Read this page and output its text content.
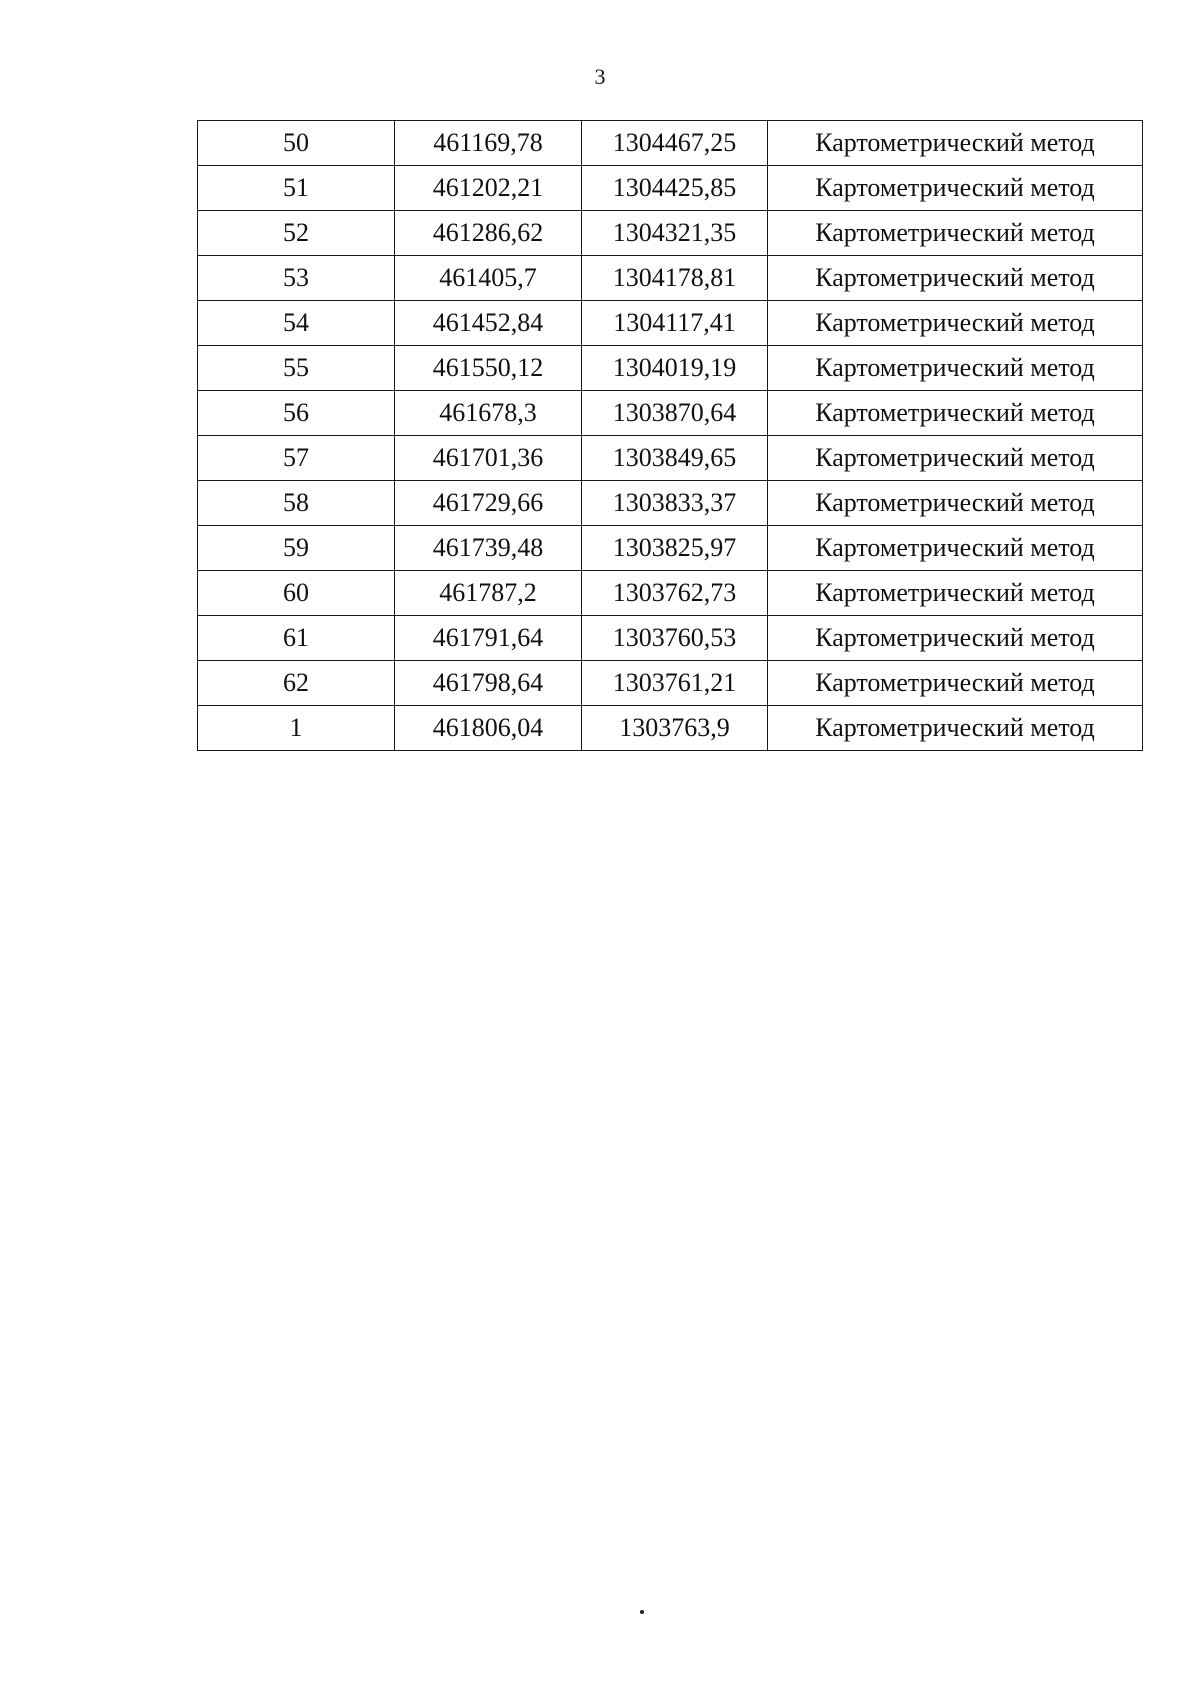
3
50	461169,78	1304467,25	Картометрический метод
51	461202,21	1304425,85	Картометрический метод
52	461286,62	1304321,35	Картометрический метод
53	461405,7	1304178,81	Картометрический метод
54	461452,84	1304117,41	Картометрический метод
55	461550,12	1304019,19	Картометрический метод
56	461678,3	1303870,64	Картометрический метод
57	461701,36	1303849,65	Картометрический метод
58	461729,66	1303833,37	Картометрический метод
59	461739,48	1303825,97	Картометрический метод
60	461787,2	1303762,73	Картометрический метод
61	461791,64	1303760,53	Картометрический метод
62	461798,64	1303761,21	Картометрический метод
1	461806,04	1303763,9	Картометрический метод
